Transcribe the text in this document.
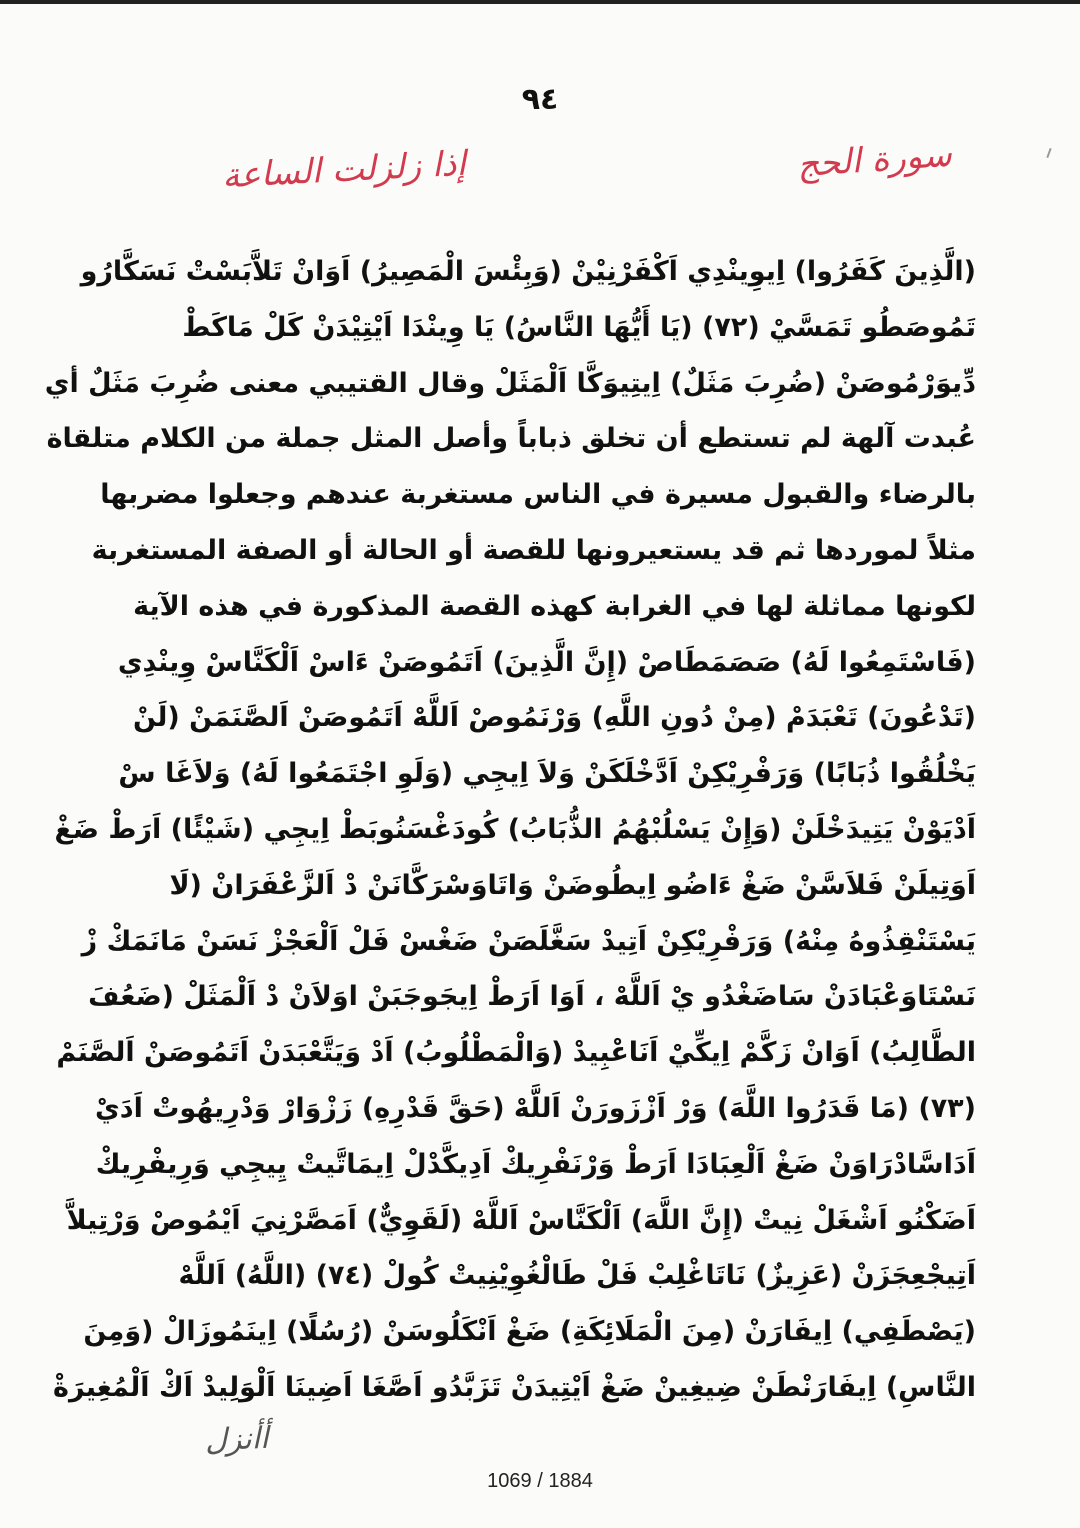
٩٤
سورة الحج
إذا زلزلت الساعة
(الَّذِينَ كَفَرُوا) اِيوِينْدِي اَكْفَرْنِيْنْ (وَبِئْسَ الْمَصِيرُ) اَوَانْ تَلاَّبَسْتْ نَسَكَّارُو
تَمُوصَطُو تَمَسَّيْ (٧٢) (يَا أَيُّهَا النَّاسُ) يَا وِينْدَا اَيْتِيْدَنْ كَلْ مَاكَطْ
دِّيوَرْمُوصَنْ (ضُرِبَ مَثَلٌ) اِيتِيوَكَّا اَلْمَثَلْ وقال القتيبي معنى ضُرِبَ مَثَلٌ أي
عُبدت آلهة لم تستطع أن تخلق ذباباً وأصل المثل جملة من الكلام متلقاة
بالرضاء والقبول مسيرة في الناس مستغربة عندهم وجعلوا مضربها
مثلاً لموردها ثم قد يستعيرونها للقصة أو الحالة أو الصفة المستغربة
لكونها مماثلة لها في الغرابة كهذه القصة المذكورة في هذه الآية
(فَاسْتَمِعُوا لَهُ) صَصَمَطَاصْ (إِنَّ الَّذِينَ) اَتَمُوصَنْ ءَاسْ اَلْكَنَّاسْ وِينْدِي
(تَدْعُونَ) تَعْبَدَمْ (مِنْ دُونِ اللَّهِ) وَرْنَمُوصْ اَللَّهْ اَتَمُوصَنْ اَلصَّنَمَنْ (لَنْ
يَخْلُقُوا ذُبَابًا) وَرَفْرِيْكِنْ اَدَّخْلَكَنْ وَلاَ اِيجِي (وَلَوِ اجْتَمَعُوا لَهُ) وَلاَغَا سْ
اَدْيَوْنْ يَتِيدَخْلَنْ (وَإِنْ يَسْلُبْهُمُ الذُّبَابُ) كُودَغْسَنُوبَطْ اِيجِي (شَيْئًا) اَرَطْ ضَغْ
اَوَتِيلَنْ فَلاَسَّنْ ضَغْ ءَاضُو اِيطُوضَنْ وَاتَاوَسْرَكَّانَنْ دْ اَلزَّعْفَرَانْ (لَا
يَسْتَنْقِذُوهُ مِنْهُ) وَرَفْرِيْكِنْ اَتِيدْ سَغَّلَصَنْ ضَغْسْ فَلْ اَلْعَجْزْ نَسَنْ مَانَمَكْ زْ
نَسْتَاوَعْبَادَنْ سَاضَغْدُو يْ اَللَّهْ ، اَوَا اَرَطْ اِيجَوجَبَنْ اوَلاَنْ دْ اَلْمَثَلْ (ضَعُفَ
الطَّالِبُ) اَوَانْ زَكَّمْ اِيكِّيْ اَنَاعْبِيدْ (وَالْمَطْلُوبُ) اَدْ وَيَتَّعْبَدَنْ اَتَمُوصَنْ اَلصَّنَمْ
(٧٣) (مَا قَدَرُوا اللَّهَ) وَرْ اَزْزَورَنْ اَللَّهْ (حَقَّ قَدْرِهِ) زَزْوَارْ وَدْرِيهُوتْ اَدَيْ
اَدَاسَّادْرَاوَنْ ضَغْ اَلْعِبَادَا اَرَطْ وَرْنَفْرِيكْ اَدِيكَّدْلْ اِيمَاتَّيتْ يِيجِي وَرِيفْرِيكْ
اَضَكْنُو اَشْغَلْ نِيتْ (إِنَّ اللَّهَ) اَلْكَنَّاسْ اَللَّهْ (لَقَوِيٌّ) اَمَصَّرْنِيَ اَيْمُوصْ وَرْتِيلاَّ
اَتِيجْعِجَزَنْ (عَزِيزٌ) نَاتَاغْلِبْ فَلْ طَالْغُوِيْنِيتْ كُولْ (٧٤) (اللَّهُ) اَللَّهْ
(يَصْطَفِي) اِيفَارَنْ (مِنَ الْمَلَائِكَةِ) ضَغْ اَنْكَلُوسَنْ (رُسُلًا) اِينَمُوزَالْ (وَمِنَ
النَّاسِ) اِيفَارَنْطَنْ ضِيغِينْ ضَغْ اَيْتِيدَنْ تَزَبَّدُو اَصَّغَا اَضِينَا اَلْوَلِيدْ اَكْ اَلْمُغِيرَةْ
أأنزل
1069 / 1884
